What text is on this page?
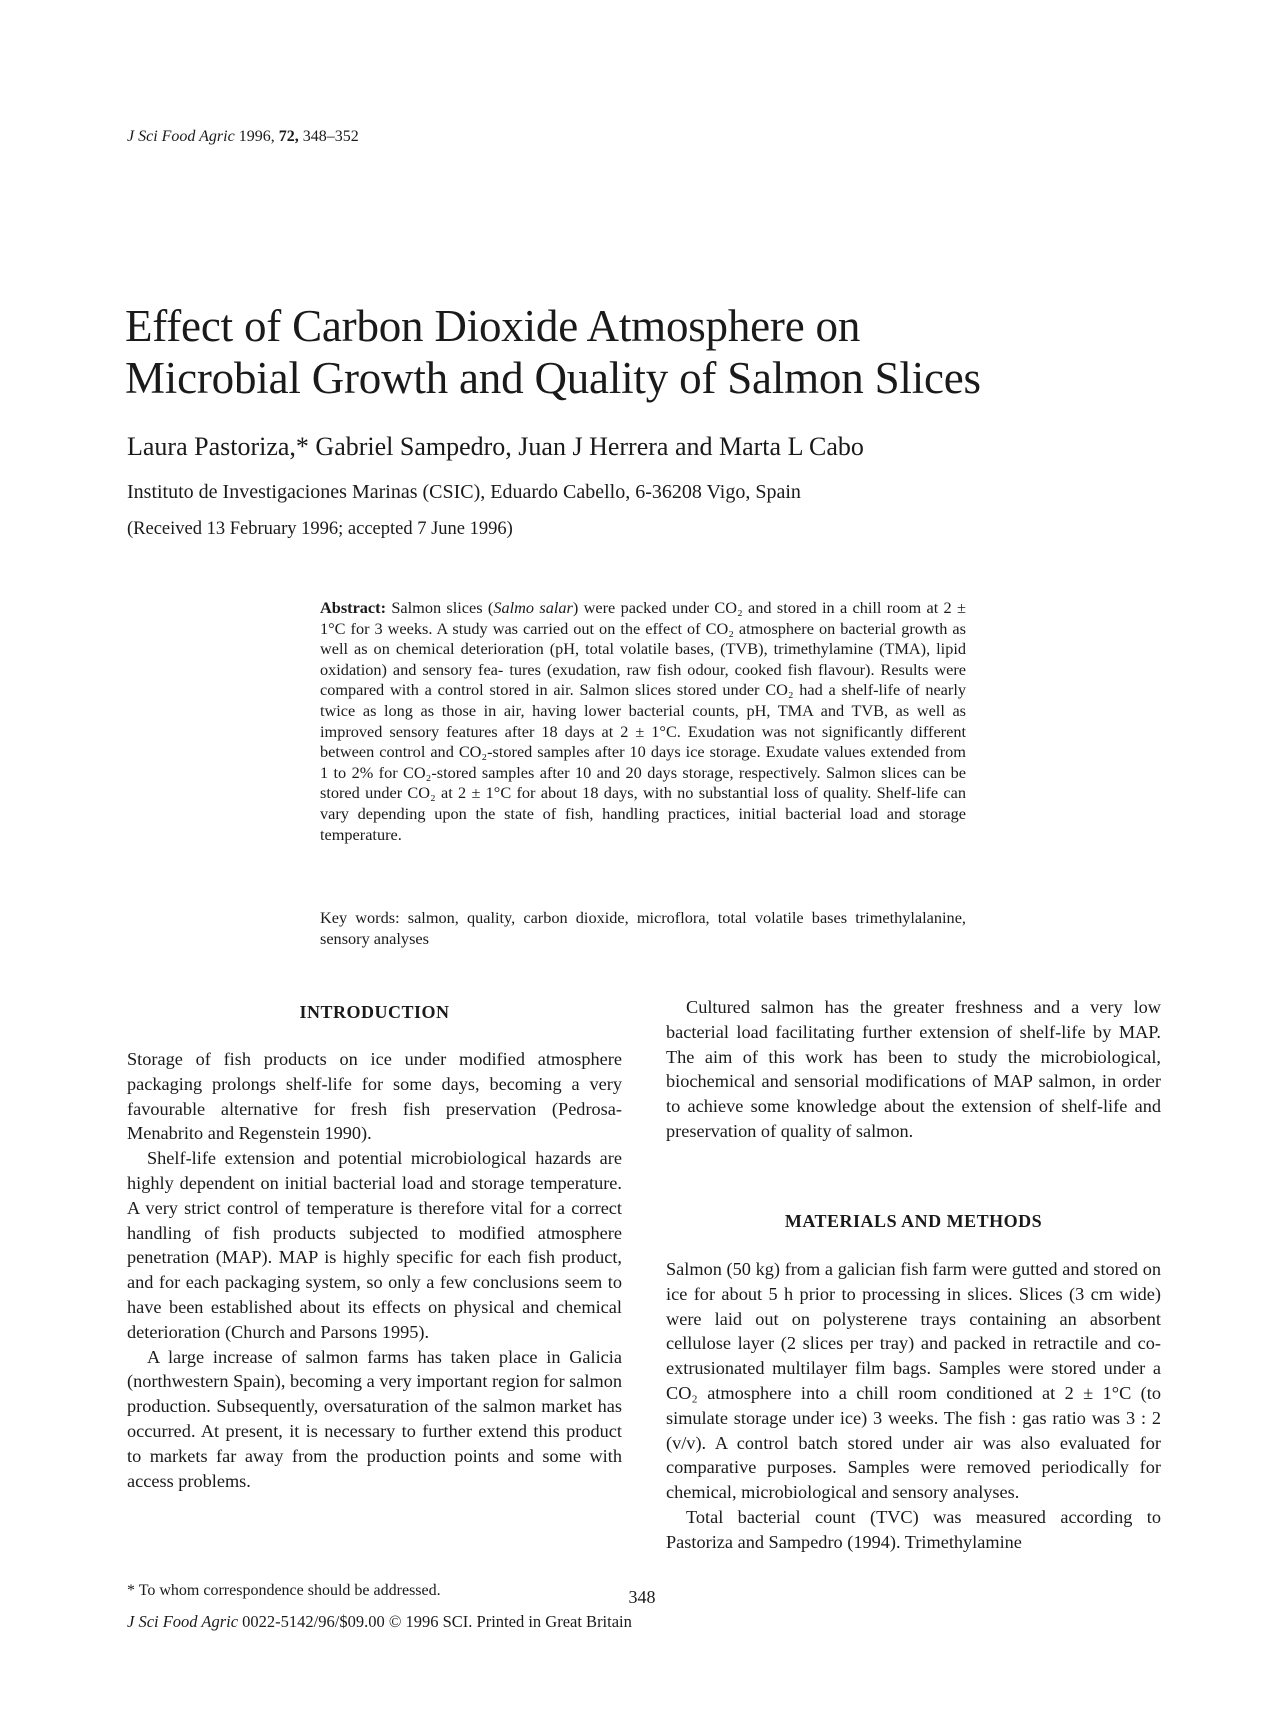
J Sci Food Agric 1996, 72, 348–352
Effect of Carbon Dioxide Atmosphere on
Microbial Growth and Quality of Salmon Slices
Laura Pastoriza,* Gabriel Sampedro, Juan J Herrera and Marta L Cabo
Instituto de Investigaciones Marinas (CSIC), Eduardo Cabello, 6-36208 Vigo, Spain
(Received 13 February 1996; accepted 7 June 1996)
Abstract: Salmon slices (Salmo salar) were packed under CO₂ and stored in a chill room at 2 ± 1°C for 3 weeks. A study was carried out on the effect of CO₂ atmosphere on bacterial growth as well as on chemical deterioration (pH, total volatile bases, (TVB), trimethylamine (TMA), lipid oxidation) and sensory fea- tures (exudation, raw fish odour, cooked fish flavour). Results were compared with a control stored in air. Salmon slices stored under CO₂ had a shelf-life of nearly twice as long as those in air, having lower bacterial counts, pH, TMA and TVB, as well as improved sensory features after 18 days at 2 ± 1°C. Exudation was not significantly different between control and CO₂-stored samples after 10 days ice storage. Exudate values extended from 1 to 2% for CO₂-stored samples after 10 and 20 days storage, respectively. Salmon slices can be stored under CO₂ at 2 ± 1°C for about 18 days, with no substantial loss of quality. Shelf-life can vary depending upon the state of fish, handling practices, initial bacterial load and storage temperature.
Key words: salmon, quality, carbon dioxide, microflora, total volatile bases trimethylalanine, sensory analyses
INTRODUCTION

Storage of fish products on ice under modified atmosphere packaging prolongs shelf-life for some days, becoming a very favourable alternative for fresh fish preservation (Pedrosa-Menabrito and Regenstein 1990).

Shelf-life extension and potential microbiological hazards are highly dependent on initial bacterial load and storage temperature. A very strict control of temperature is therefore vital for a correct handling of fish products subjected to modified atmosphere penetration (MAP). MAP is highly specific for each fish product, and for each packaging system, so only a few conclusions seem to have been established about its effects on physical and chemical deterioration (Church and Parsons 1995).

A large increase of salmon farms has taken place in Galicia (northwestern Spain), becoming a very important region for salmon production. Subsequently, oversaturation of the salmon market has occurred. At present, it is necessary to further extend this product to markets far away from the production points and some with access problems.

* To whom correspondence should be addressed.

Cultured salmon has the greater freshness and a very low bacterial load facilitating further extension of shelf-life by MAP. The aim of this work has been to study the microbiological, biochemical and sensorial modifications of MAP salmon, in order to achieve some knowledge about the extension of shelf-life and preservation of quality of salmon.

MATERIALS AND METHODS

Salmon (50 kg) from a galician fish farm were gutted and stored on ice for about 5 h prior to processing in slices. Slices (3 cm wide) were laid out on polysterene trays containing an absorbent cellulose layer (2 slices per tray) and packed in retractile and co-extrusionated multilayer film bags. Samples were stored under a CO₂ atmosphere into a chill room conditioned at 2 ± 1°C (to simulate storage under ice) 3 weeks. The fish : gas ratio was 3 : 2 (v/v). A control batch stored under air was also evaluated for comparative purposes. Samples were removed periodically for chemical, microbiological and sensory analyses.

Total bacterial count (TVC) was measured according to Pastoriza and Sampedro (1994). Trimethylamine

348
J Sci Food Agric 0022-5142/96/$09.00 © 1996 SCI. Printed in Great Britain
